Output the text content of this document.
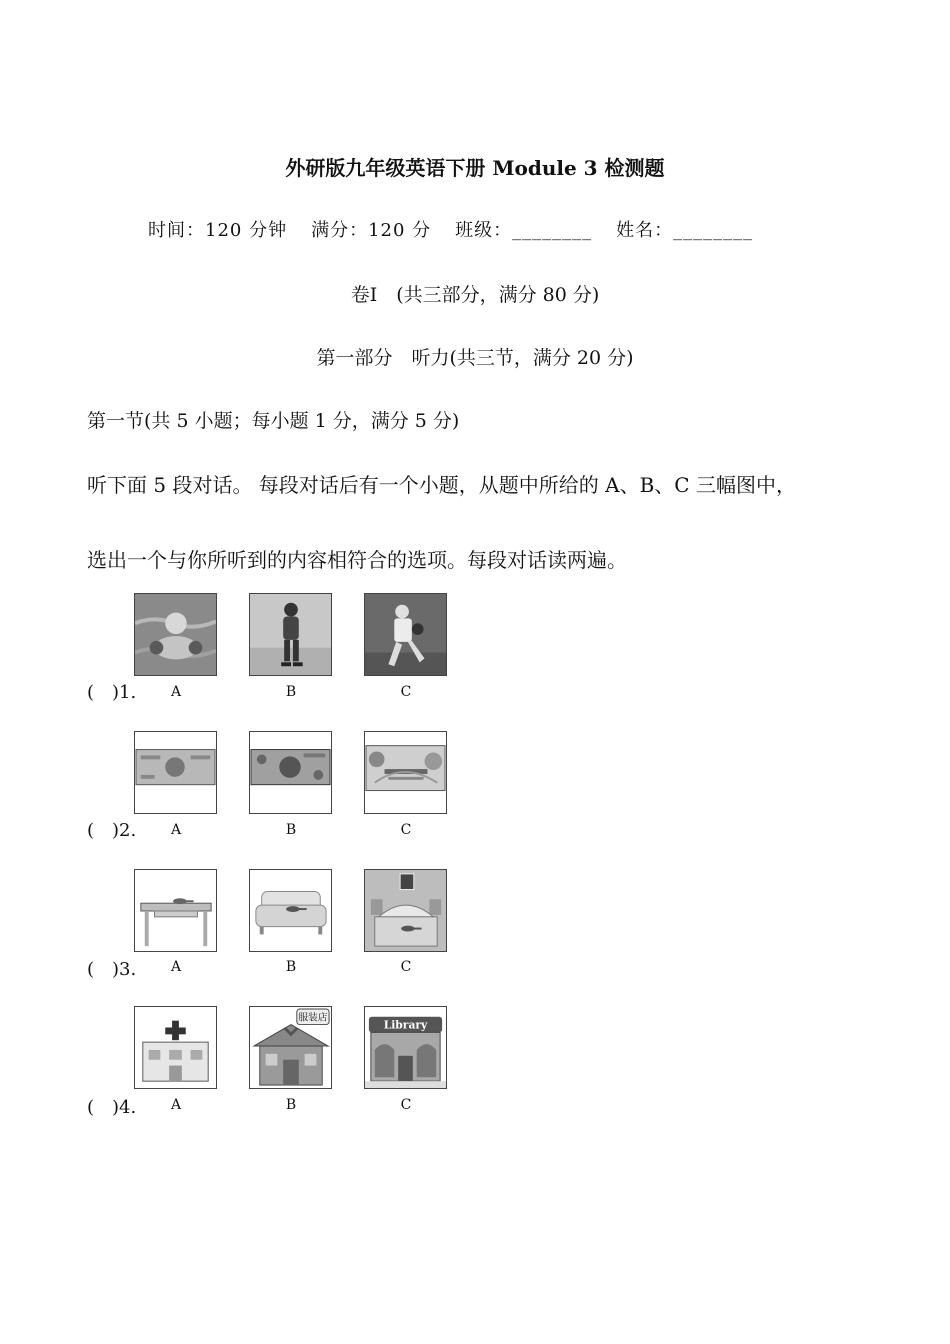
外研版九年级英语下册 Module 3 检测题
时间：120 分钟 满分：120 分 班级：________ 姓名：________
卷Ⅰ　(共三部分，满分 80 分)
第一部分　听力(共三节，满分 20 分)
第一节(共 5 小题；每小题 1 分，满分 5 分)
听下面 5 段对话。 每段对话后有一个小题，从题中所给的 A、B、C 三幅图中，
选出一个与你所听到的内容相符合的选项。每段对话读两遍。
(　)1.	A	B	C
(　)2.	A	B	C
(　)3.	A	B	C
(　)4.
服装店
Library
A	B	C
